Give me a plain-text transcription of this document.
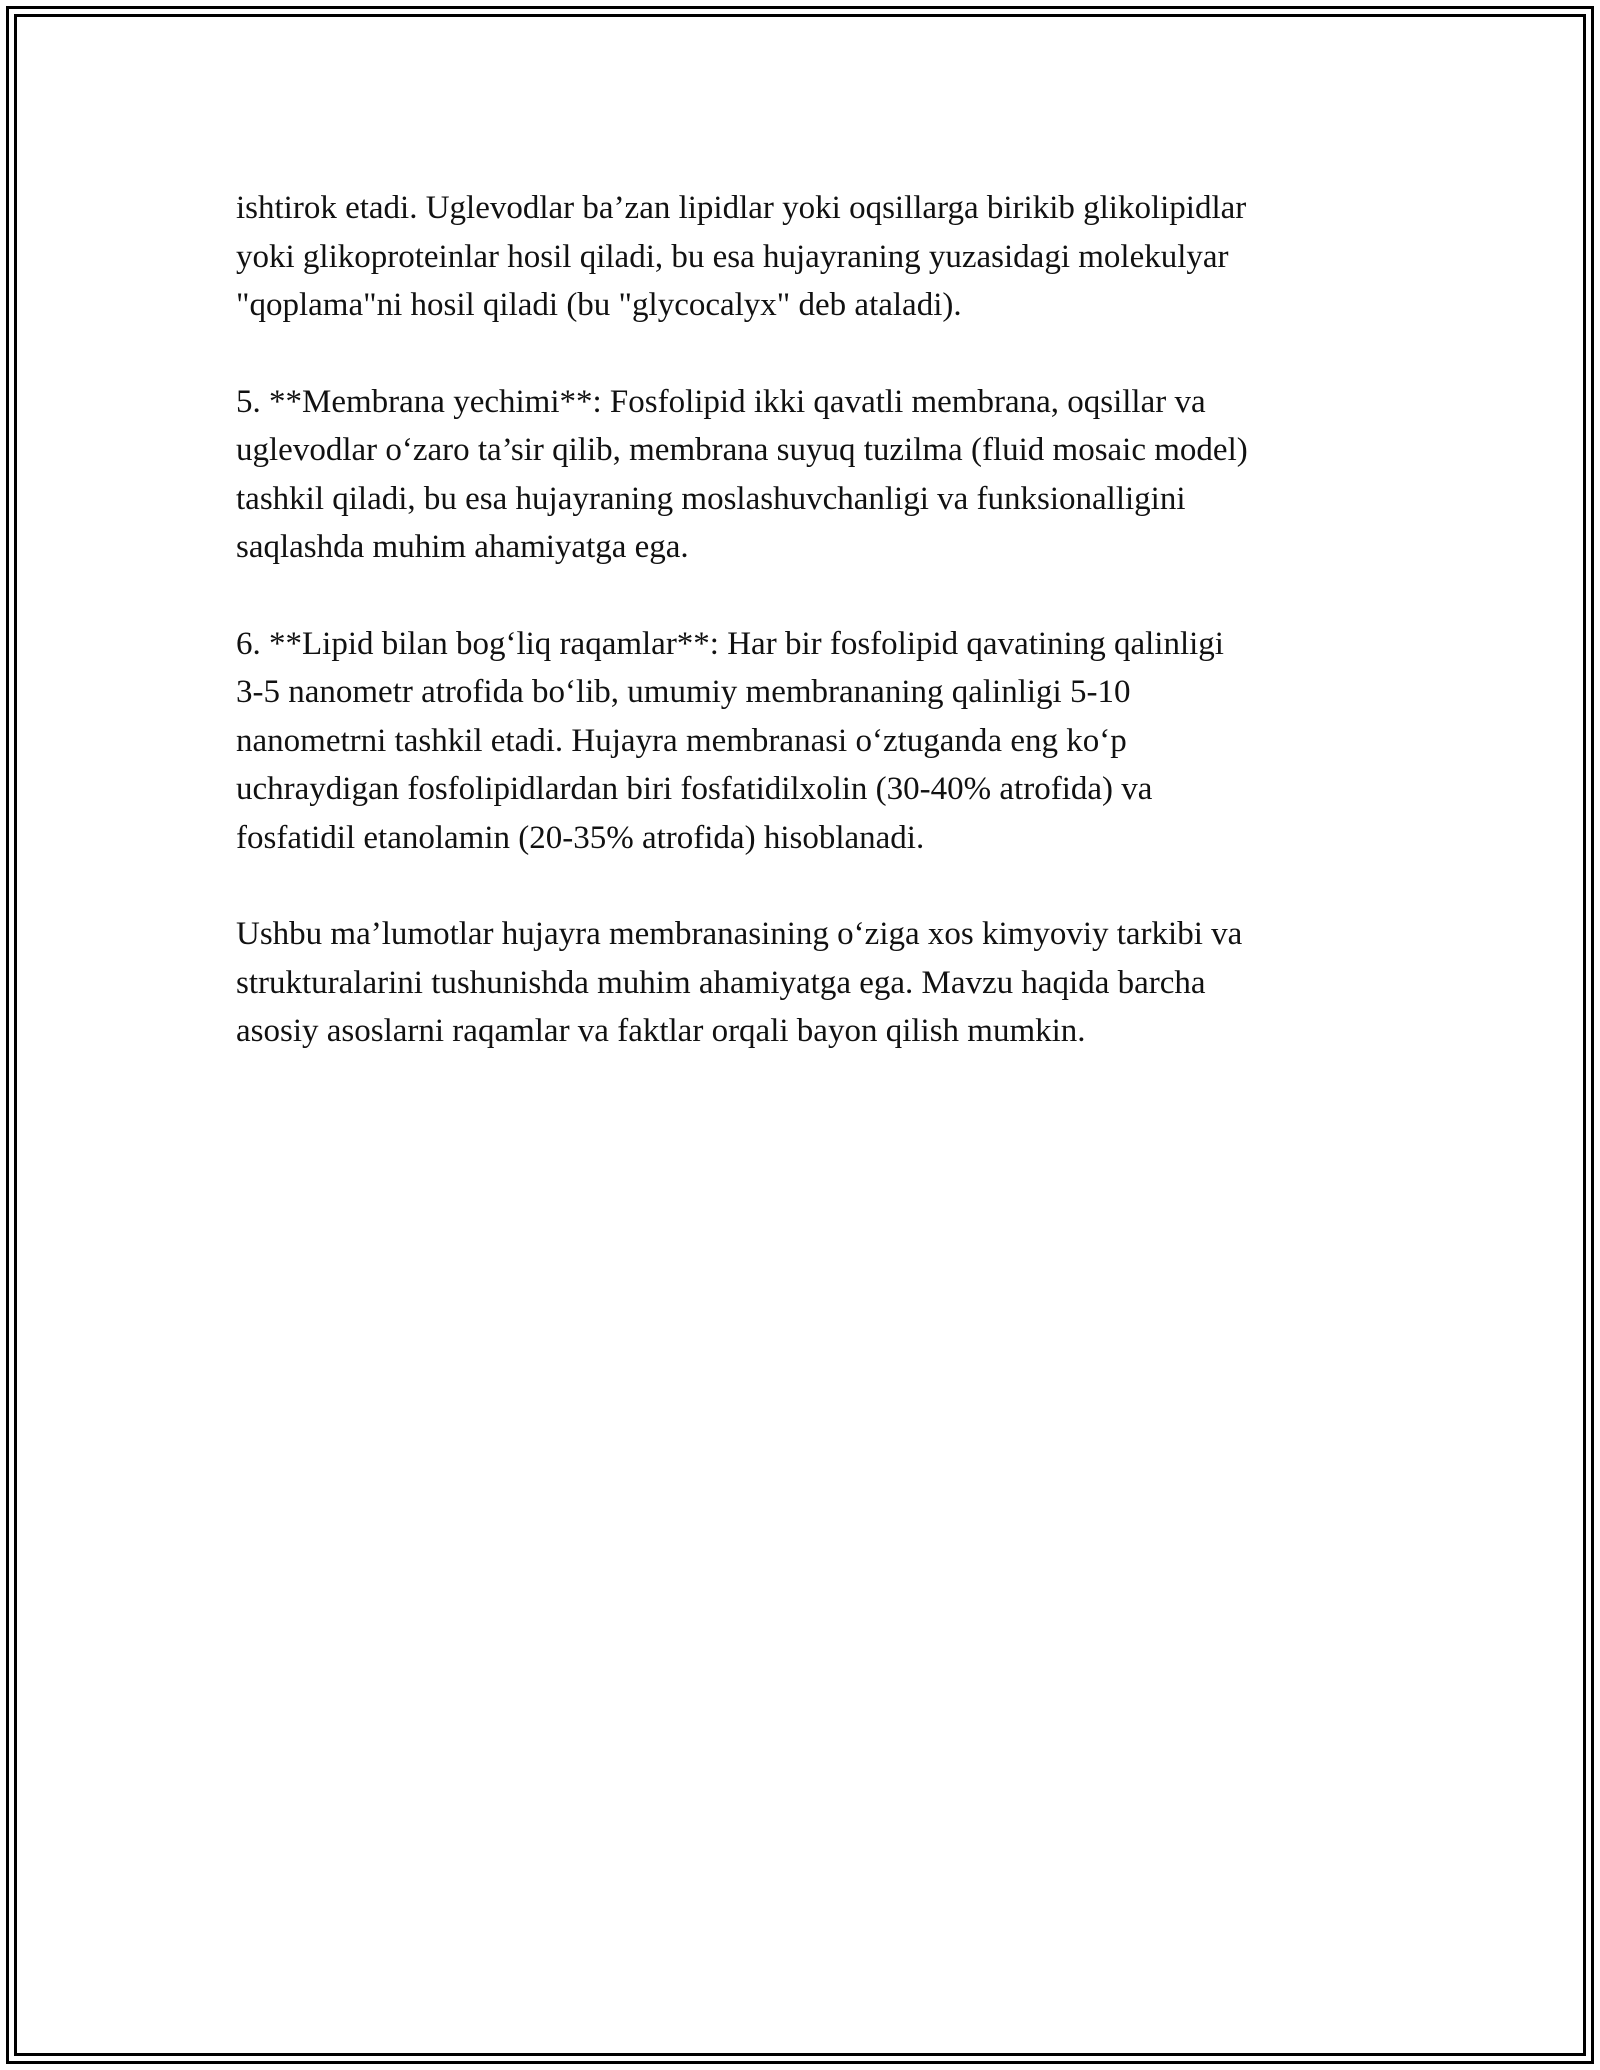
ishtirok etadi. Uglevodlar ba’zan lipidlar yoki oqsillarga birikib glikolipidlar
yoki glikoproteinlar hosil qiladi, bu esa hujayraning yuzasidagi molekulyar
"qoplama"ni hosil qiladi (bu "glycocalyx" deb ataladi).

5. **Membrana yechimi**: Fosfolipid ikki qavatli membrana, oqsillar va
uglevodlar o‘zaro ta’sir qilib, membrana suyuq tuzilma (fluid mosaic model)
tashkil qiladi, bu esa hujayraning moslashuvchanligi va funksionalligini
saqlashda muhim ahamiyatga ega.

6. **Lipid bilan bog‘liq raqamlar**: Har bir fosfolipid qavatining qalinligi
3-5 nanometr atrofida bo‘lib, umumiy membrananing qalinligi 5-10
nanometrni tashkil etadi. Hujayra membranasi o‘ztuganda eng ko‘p
uchraydigan fosfolipidlardan biri fosfatidilxolin (30-40% atrofida) va
fosfatidil etanolamin (20-35% atrofida) hisoblanadi.

Ushbu ma’lumotlar hujayra membranasining o‘ziga xos kimyoviy tarkibi va
strukturalarini tushunishda muhim ahamiyatga ega. Mavzu haqida barcha
asosiy asoslarni raqamlar va faktlar orqali bayon qilish mumkin.
